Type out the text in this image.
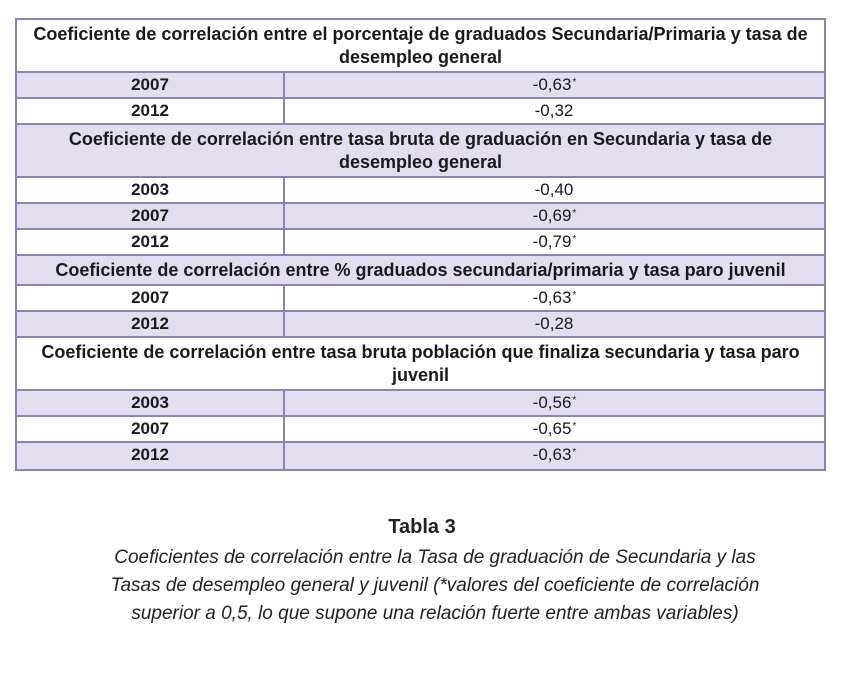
Coeficiente de correlación entre el porcentaje de graduados Secundaria/Primaria y tasa de desempleo general
2007	-0,63*
2012	-0,32
Coeficiente de correlación entre tasa bruta de graduación en Secundaria y tasa de desempleo general
2003	-0,40
2007	-0,69*
2012	-0,79*
Coeficiente de correlación entre % graduados secundaria/primaria y tasa paro juvenil
2007	-0,63*
2012	-0,28
Coeficiente de correlación entre tasa bruta población que finaliza secundaria y tasa paro juvenil
2003	-0,56*
2007	-0,65*
2012	-0,63*
Tabla 3
Coeficientes de correlación entre la Tasa de graduación de Secundaria y las Tasas de desempleo general y juvenil (*valores del coeficiente de correlación superior a 0,5, lo que supone una relación fuerte entre ambas variables)
